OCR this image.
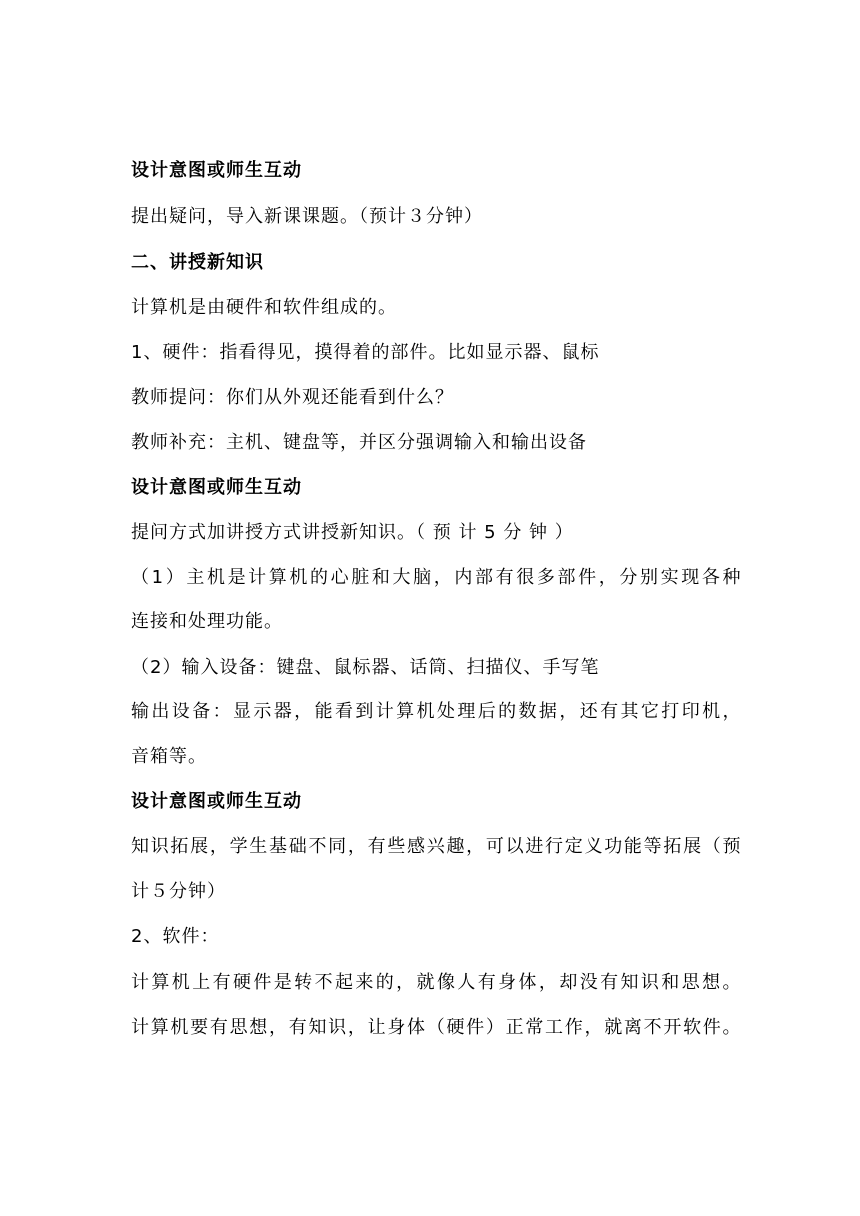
设计意图或师生互动
提出疑问，导入新课课题。（预计３分钟）
二、讲授新知识
计算机是由硬件和软件组成的。
1、硬件：指看得见，摸得着的部件。比如显示器、鼠标
教师提问：你们从外观还能看到什么？
教师补充：主机、键盘等，并区分强调输入和输出设备
设计意图或师生互动
提问方式加讲授方式讲授新知识。（ 预 计 5 分 钟 ）
（1）主机是计算机的心脏和大脑，内部有很多部件，分别实现各种
连接和处理功能。
（2）输入设备：键盘、鼠标器、话筒、扫描仪、手写笔
输出设备：显示器，能看到计算机处理后的数据，还有其它打印机，
音箱等。
设计意图或师生互动
知识拓展，学生基础不同，有些感兴趣，可以进行定义功能等拓展（预
计５分钟）
2、软件：
计算机上有硬件是转不起来的，就像人有身体，却没有知识和思想。
计算机要有思想，有知识，让身体（硬件）正常工作，就离不开软件。
